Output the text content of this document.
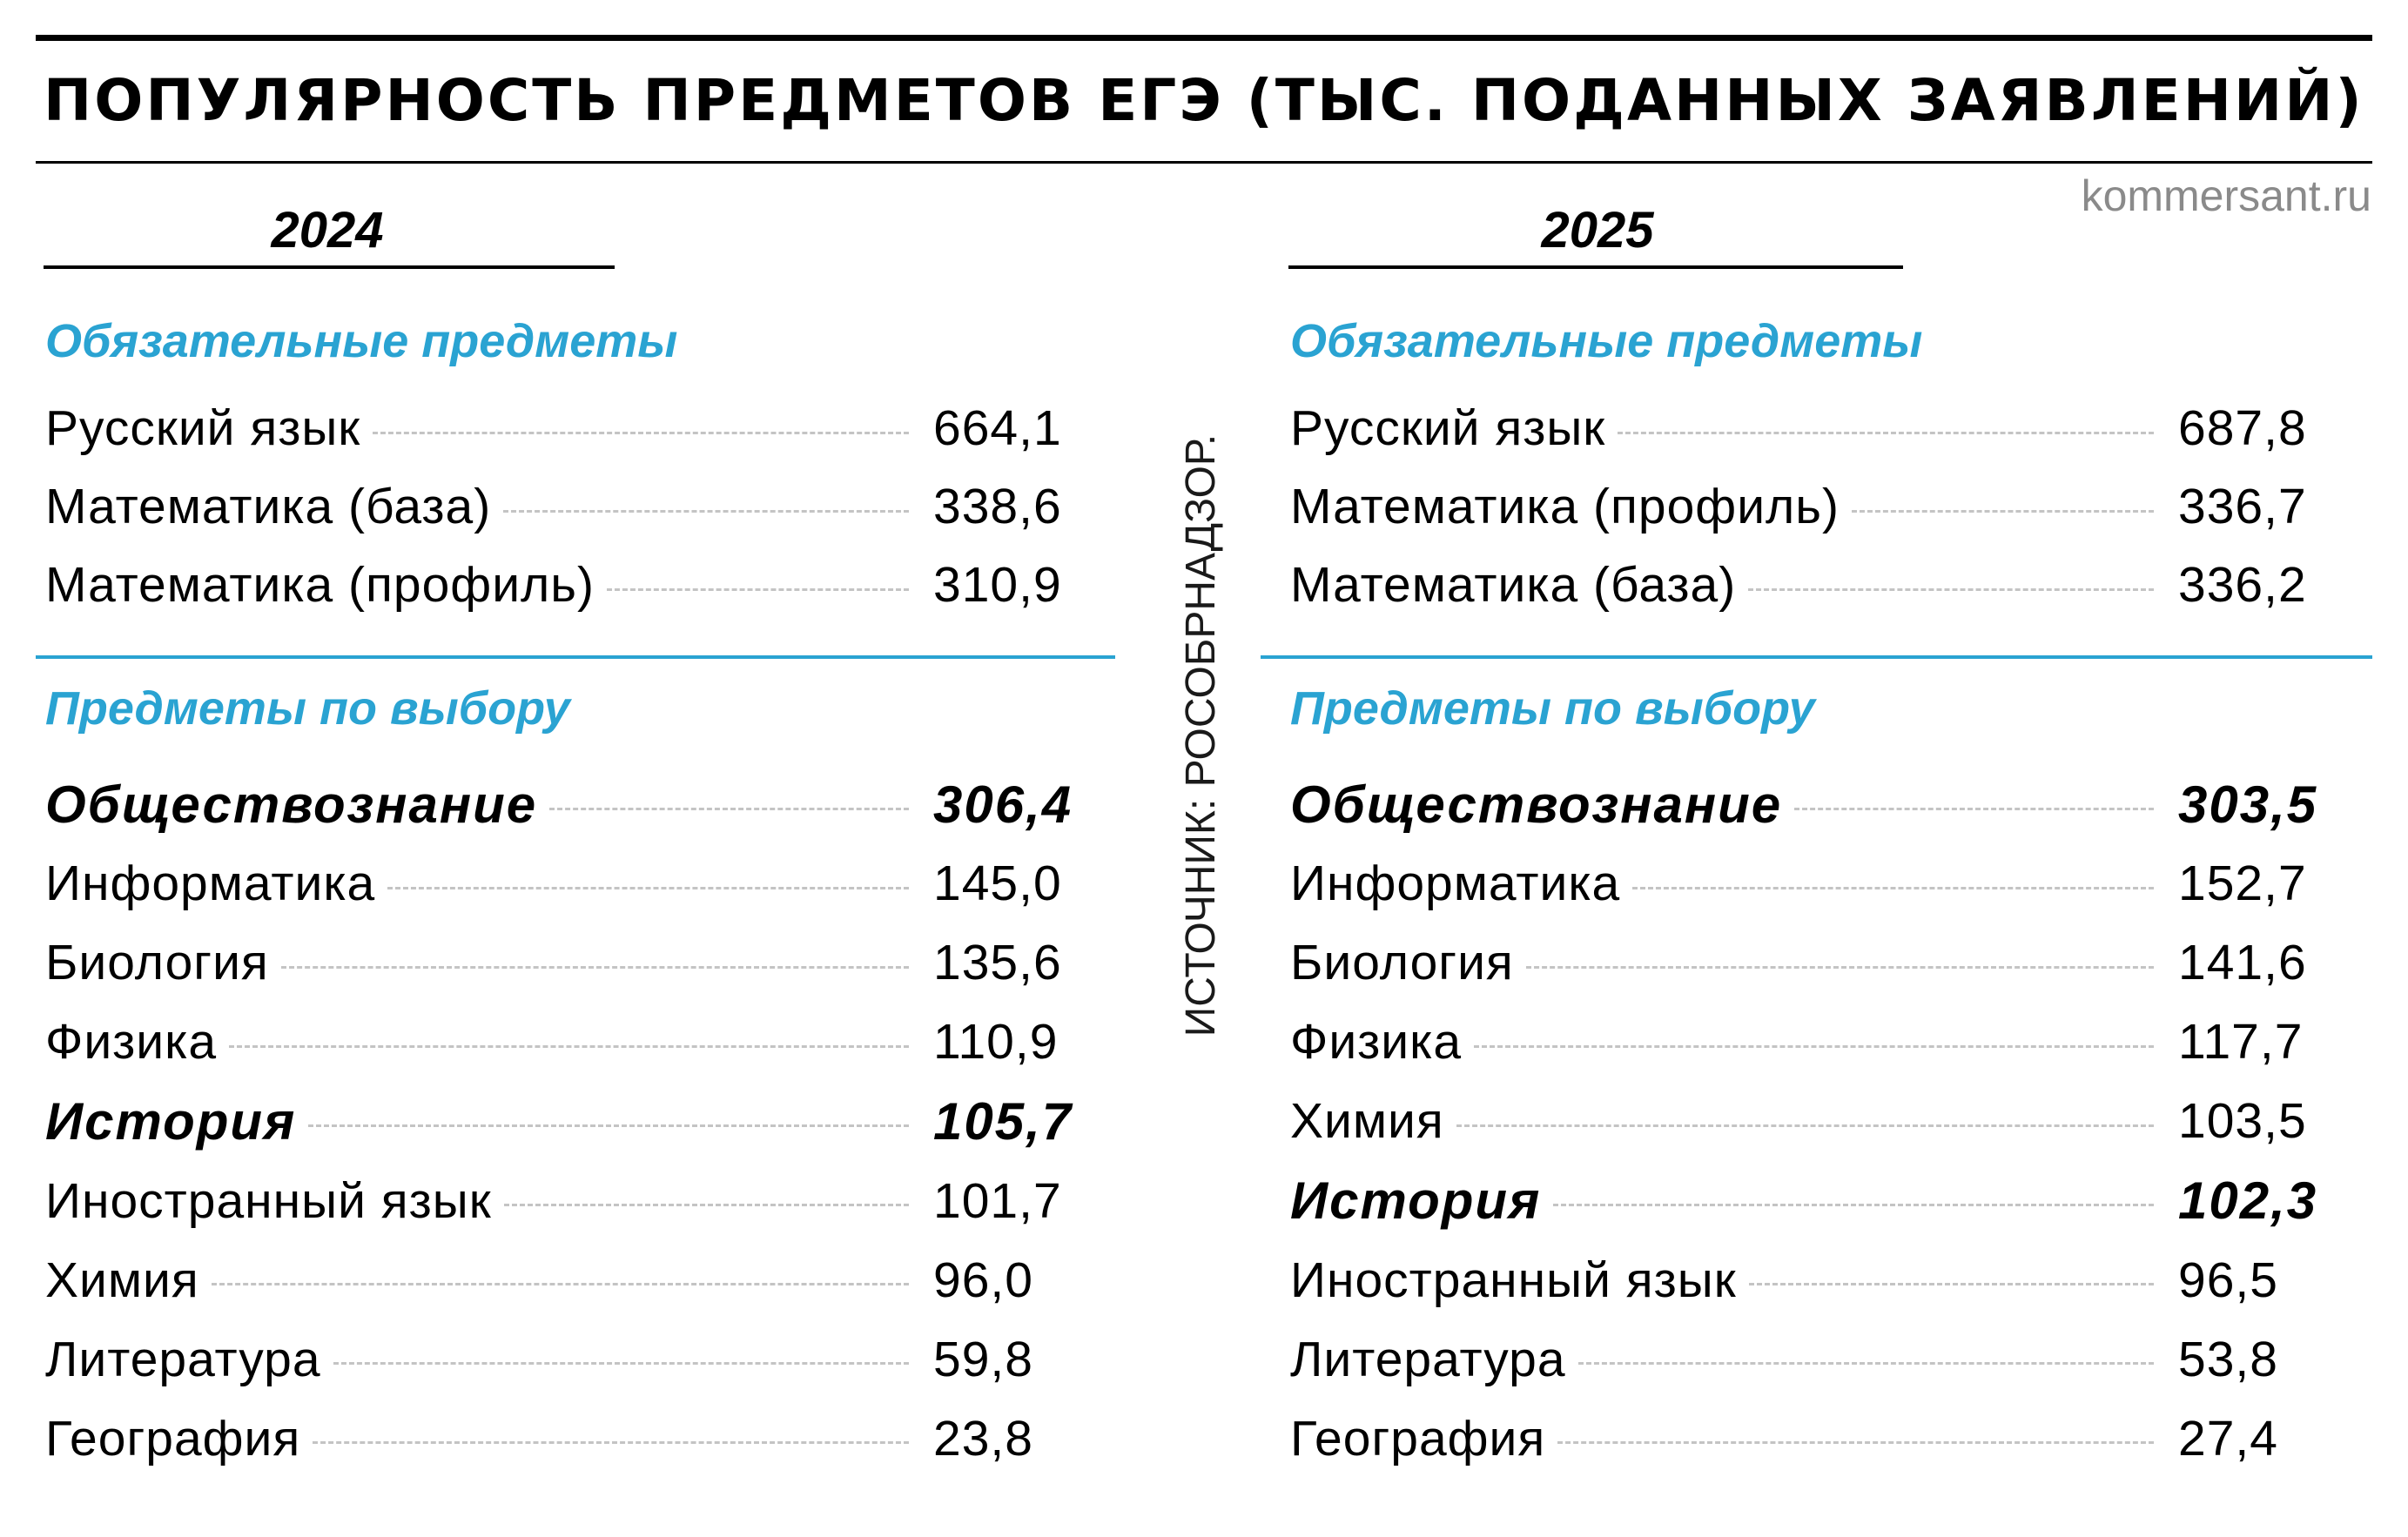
ПОПУЛЯРНОСТЬ ПРЕДМЕТОВ ЕГЭ (ТЫС. ПОДАННЫХ ЗАЯВЛЕНИЙ)
kommersant.ru
ИСТОЧНИК: РОСОБРНАДЗОР.
2024
Обязательные предметы
Предметы по выбору
Русский язык	664,1
Математика (база)	338,6
Математика (профиль)	310,9
Обществознание	306,4
Информатика	145,0
Биология	135,6
Физика	110,9
История	105,7
Иностранный язык	101,7
Химия	96,0
Литература	59,8
География	23,8
2025
Обязательные предметы
Предметы по выбору
Русский язык	687,8
Математика (профиль)	336,7
Математика (база)	336,2
Обществознание	303,5
Информатика	152,7
Биология	141,6
Физика	117,7
Химия	103,5
История	102,3
Иностранный язык	96,5
Литература	53,8
География	27,4
